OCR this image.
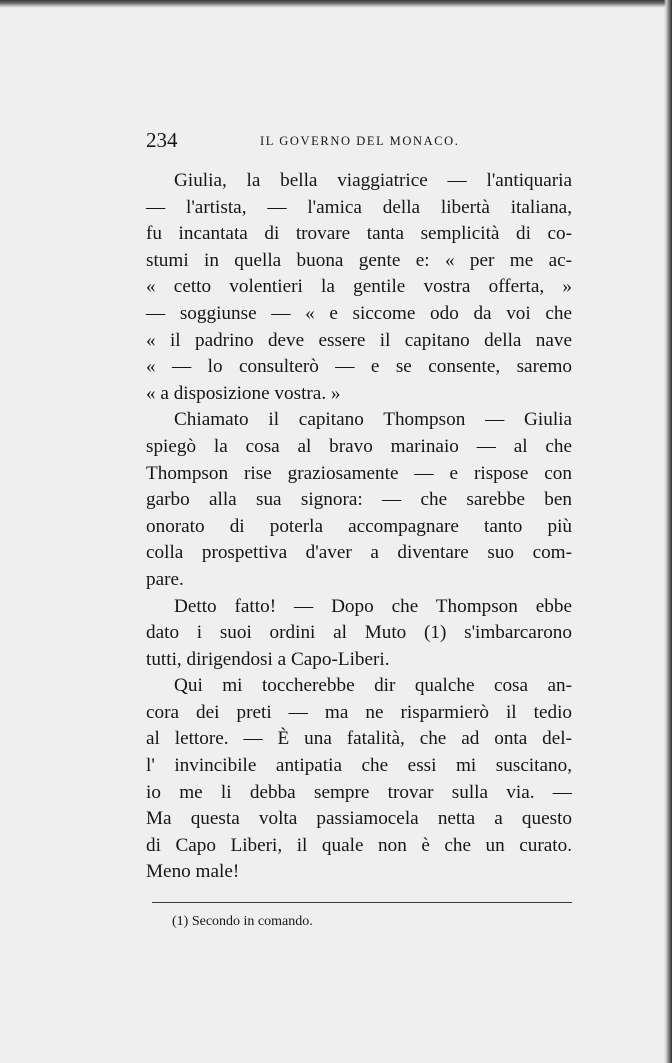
234	IL GOVERNO DEL MONACO.
Giulia, la bella viaggiatrice — l'antiquaria
— l'artista, — l'amica della libertà italiana,
fu incantata di trovare tanta semplicità di co-
stumi in quella buona gente e: « per me ac-
« cetto volentieri la gentile vostra offerta, »
— soggiunse — « e siccome odo da voi che
« il padrino deve essere il capitano della nave
« — lo consulterò — e se consente, saremo
« a disposizione vostra. »
Chiamato il capitano Thompson — Giulia
spiegò la cosa al bravo marinaio — al che
Thompson rise graziosamente — e rispose con
garbo alla sua signora: — che sarebbe ben
onorato di poterla accompagnare tanto più
colla prospettiva d'aver a diventare suo com-
pare.
Detto fatto! — Dopo che Thompson ebbe
dato i suoi ordini al Muto (1) s'imbarcarono
tutti, dirigendosi a Capo-Liberi.
Qui mi toccherebbe dir qualche cosa an-
cora dei preti — ma ne risparmierò il tedio
al lettore. — È una fatalità, che ad onta del-
l' invincibile antipatia che essi mi suscitano,
io me li debba sempre trovar sulla via. —
Ma questa volta passiamocela netta a questo
di Capo Liberi, il quale non è che un curato.
Meno male!
(1) Secondo in comando.
